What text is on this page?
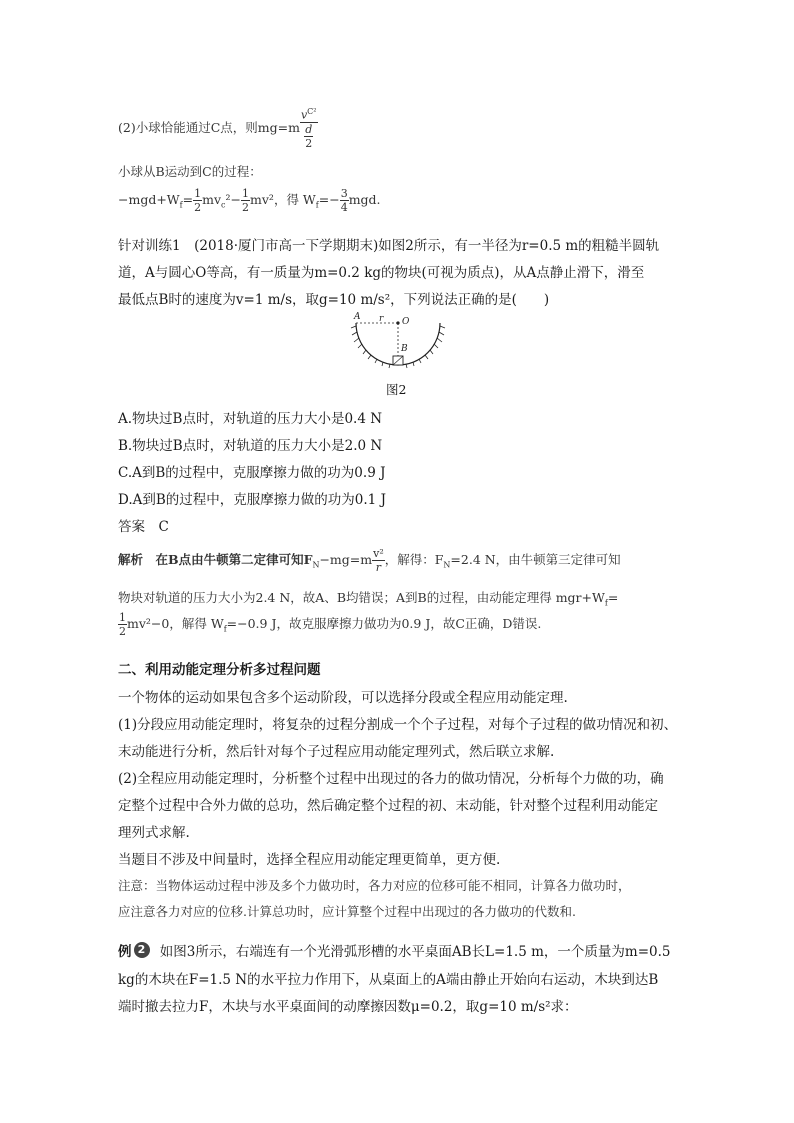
(2)小球恰能通过C点，则$mg=m \frac{v^{C^2}}{\frac{d}{2}}$
小球从B运动到C的过程：
$-mgd+W_f= \frac{1}{2} mv_c^2- \frac{1}{2} mv^2$，得 $W_f=- \frac{3}{4}$ mgd.
针对训练1　(2018·厦门市高一下学期期末)如图2所示，有一半径为r=0.5 m的粗糙半圆轨
道，A与圆心O等高，有一质量为m=0.2 kg的物块(可视为质点)，从A点静止滑下，滑至
最低点B时的速度为v=1 m/s，取g=10 m/s²，下列说法正确的是(　　)
A r O
B
图2
A.物块过B点时，对轨道的压力大小是0.4 N
B.物块过B点时，对轨道的压力大小是2.0 N
C.A到B的过程中，克服摩擦力做的功为0.9 J
D.A到B的过程中，克服摩擦力做的功为0.1 J
答案　C
解析　在B点由牛顿第二定律可知$F_N-mg=m \frac{\text{v²}}{r}$ ，解得：$F_N=2.4$ N，由牛顿第三定律可知
物块对轨道的压力大小为2.4 N，故A、B均错误；A到B的过程，由动能定理得 $mgr+W_f=$
$\frac{1}{2} mv^2-0$，解得 $W_f=-0.9$ J，故克服摩擦力做功为0.9 J，故C正确，D错误.
二、利用动能定理分析多过程问题
一个物体的运动如果包含多个运动阶段，可以选择分段或全程应用动能定理.
(1)分段应用动能定理时，将复杂的过程分割成一个个子过程，对每个子过程的做功情况和初、
末动能进行分析，然后针对每个子过程应用动能定理列式，然后联立求解.
(2)全程应用动能定理时，分析整个过程中出现过的各力的做功情况，分析每个力做的功，确
定整个过程中合外力做的总功，然后确定整个过程的初、末动能，针对整个过程利用动能定
理列式求解.
当题目不涉及中间量时，选择全程应用动能定理更简单，更方便.
注意：当物体运动过程中涉及多个力做功时，各力对应的位移可能不相同，计算各力做功时，
应注意各力对应的位移.计算总功时，应计算整个过程中出现过的各力做功的代数和.
例 2	如图3所示，右端连有一个光滑弧形槽的水平桌面AB长L=1.5 m，一个质量为m=0.5
kg的木块在F=1.5 N的水平拉力作用下，从桌面上的A端由静止开始向右运动，木块到达B
端时撤去拉力F，木块与水平桌面间的动摩擦因数μ=0.2，取g=10 m/s²求：
